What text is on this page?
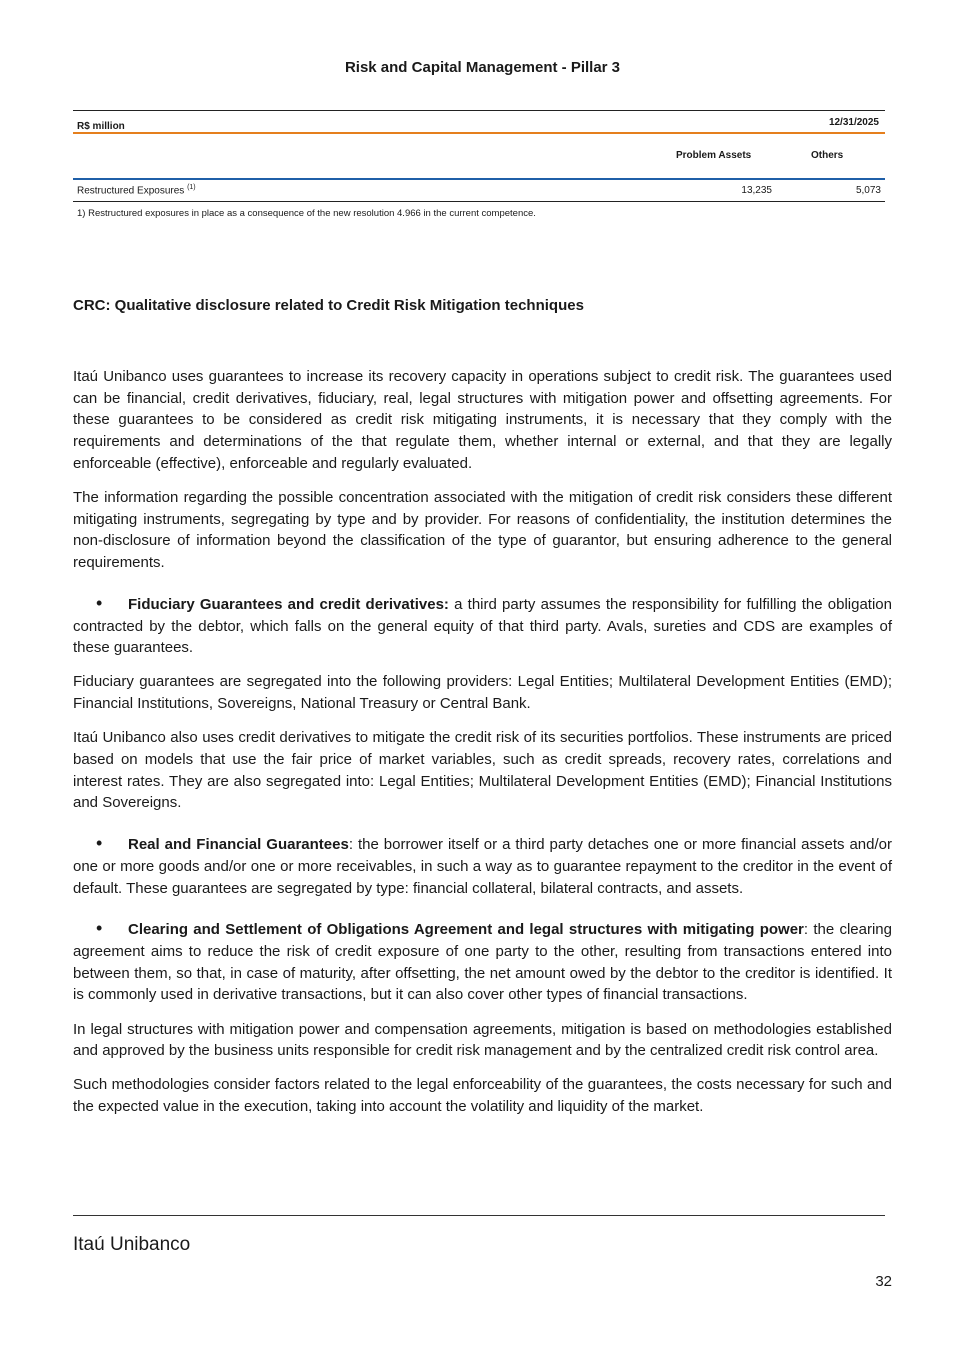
Risk and Capital Management - Pillar 3
R$ million	12/31/2025
Problem Assets	Others
Restructured Exposures $^{(1)}$	13,235	5,073
1) Restructured exposures in place as a consequence of the new resolution 4.966 in the current competence.
CRC: Qualitative disclosure related to Credit Risk Mitigation techniques

Itaú Unibanco uses guarantees to increase its recovery capacity in operations subject to credit risk. The guarantees used can be financial, credit derivatives, fiduciary, real, legal structures with mitigation power and offsetting agreements. For these guarantees to be considered as credit risk mitigating instruments, it is necessary that they comply with the requirements and determinations of the that regulate them, whether internal or external, and that they are legally enforceable (effective), enforceable and regularly evaluated.

The information regarding the possible concentration associated with the mitigation of credit risk considers these different mitigating instruments, segregating by type and by provider. For reasons of confidentiality, the institution determines the non-disclosure of information beyond the classification of the type of guarantor, but ensuring adherence to the general requirements.

• Fiduciary Guarantees and credit derivatives: a third party assumes the responsibility for fulfilling the obligation contracted by the debtor, which falls on the general equity of that third party. Avals, sureties and CDS are examples of these guarantees.

Fiduciary guarantees are segregated into the following providers: Legal Entities; Multilateral Development Entities (EMD); Financial Institutions, Sovereigns, National Treasury or Central Bank.

Itaú Unibanco also uses credit derivatives to mitigate the credit risk of its securities portfolios. These instruments are priced based on models that use the fair price of market variables, such as credit spreads, recovery rates, correlations and interest rates. They are also segregated into: Legal Entities; Multilateral Development Entities (EMD); Financial Institutions and Sovereigns.

• Real and Financial Guarantees: the borrower itself or a third party detaches one or more financial assets and/or one or more goods and/or one or more receivables, in such a way as to guarantee repayment to the creditor in the event of default. These guarantees are segregated by type: financial collateral, bilateral contracts, and assets.

• Clearing and Settlement of Obligations Agreement and legal structures with mitigating power: the clearing agreement aims to reduce the risk of credit exposure of one party to the other, resulting from transactions entered into between them, so that, in case of maturity, after offsetting, the net amount owed by the debtor to the creditor is identified. It is commonly used in derivative transactions, but it can also cover other types of financial transactions.

In legal structures with mitigation power and compensation agreements, mitigation is based on methodologies established and approved by the business units responsible for credit risk management and by the centralized credit risk control area.

Such methodologies consider factors related to the legal enforceability of the guarantees, the costs necessary for such and the expected value in the execution, taking into account the volatility and liquidity of the market.

Itaú Unibanco
32
